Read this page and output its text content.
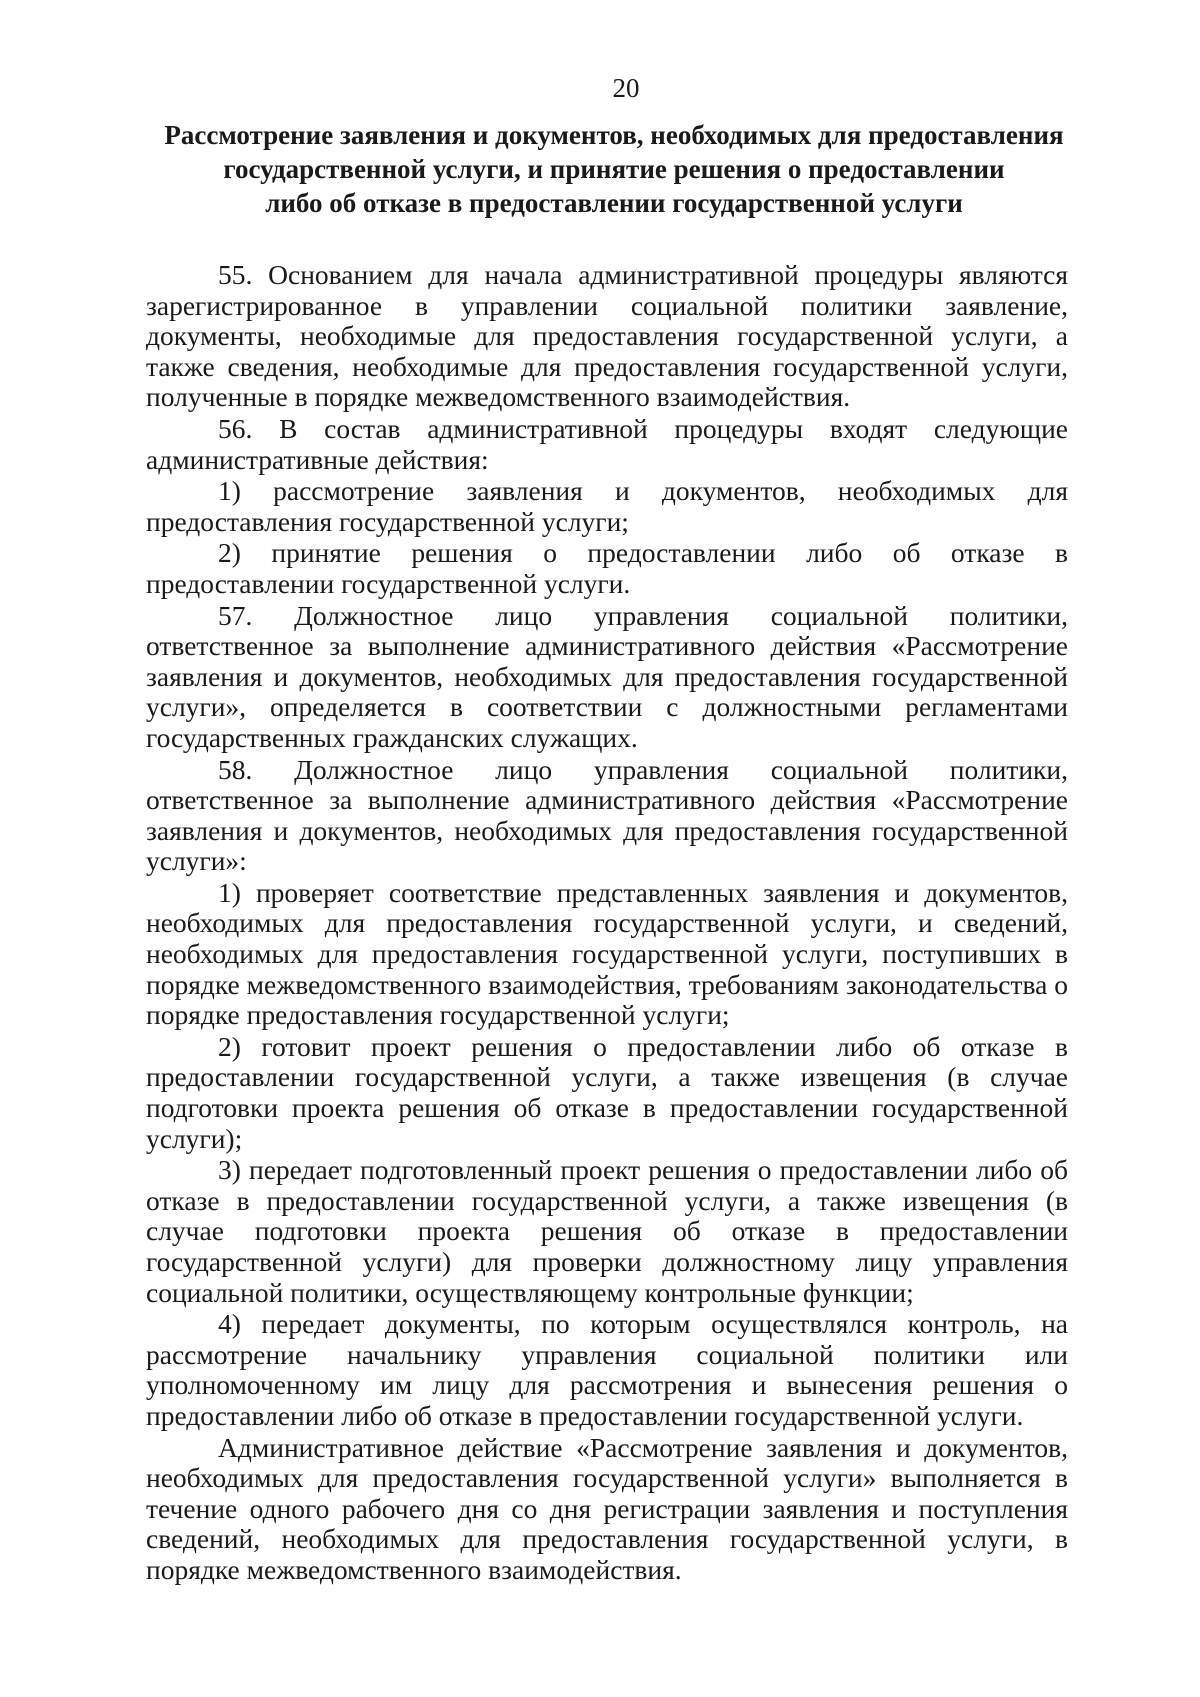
20
Рассмотрение заявления и документов, необходимых для предоставления
государственной услуги, и принятие решения о предоставлении
либо об отказе в предоставлении государственной услуги

55. Основанием для начала административной процедуры являются зарегистрированное в управлении социальной политики заявление, документы, необходимые для предоставления государственной услуги, а также сведения, необходимые для предоставления государственной услуги, полученные в порядке межведомственного взаимодействия.

56. В состав административной процедуры входят следующие административные действия:

1) рассмотрение заявления и документов, необходимых для предоставления государственной услуги;

2) принятие решения о предоставлении либо об отказе в предоставлении государственной услуги.

57. Должностное лицо управления социальной политики, ответственное за выполнение административного действия «Рассмотрение заявления и документов, необходимых для предоставления государственной услуги», определяется в соответствии с должностными регламентами государственных гражданских служащих.

58. Должностное лицо управления социальной политики, ответственное за выполнение административного действия «Рассмотрение заявления и документов, необходимых для предоставления государственной услуги»:

1) проверяет соответствие представленных заявления и документов, необходимых для предоставления государственной услуги, и сведений, необходимых для предоставления государственной услуги, поступивших в порядке межведомственного взаимодействия, требованиям законодательства о порядке предоставления государственной услуги;

2) готовит проект решения о предоставлении либо об отказе в предоставлении государственной услуги, а также извещения (в случае подготовки проекта решения об отказе в предоставлении государственной услуги);

3) передает подготовленный проект решения о предоставлении либо об отказе в предоставлении государственной услуги, а также извещения (в случае подготовки проекта решения об отказе в предоставлении государственной услуги) для проверки должностному лицу управления социальной политики, осуществляющему контрольные функции;

4) передает документы, по которым осуществлялся контроль, на рассмотрение начальнику управления социальной политики или уполномоченному им лицу для рассмотрения и вынесения решения о предоставлении либо об отказе в предоставлении государственной услуги.

Административное действие «Рассмотрение заявления и документов, необходимых для предоставления государственной услуги» выполняется в течение одного рабочего дня со дня регистрации заявления и поступления сведений, необходимых для предоставления государственной услуги, в порядке межведомственного взаимодействия.
